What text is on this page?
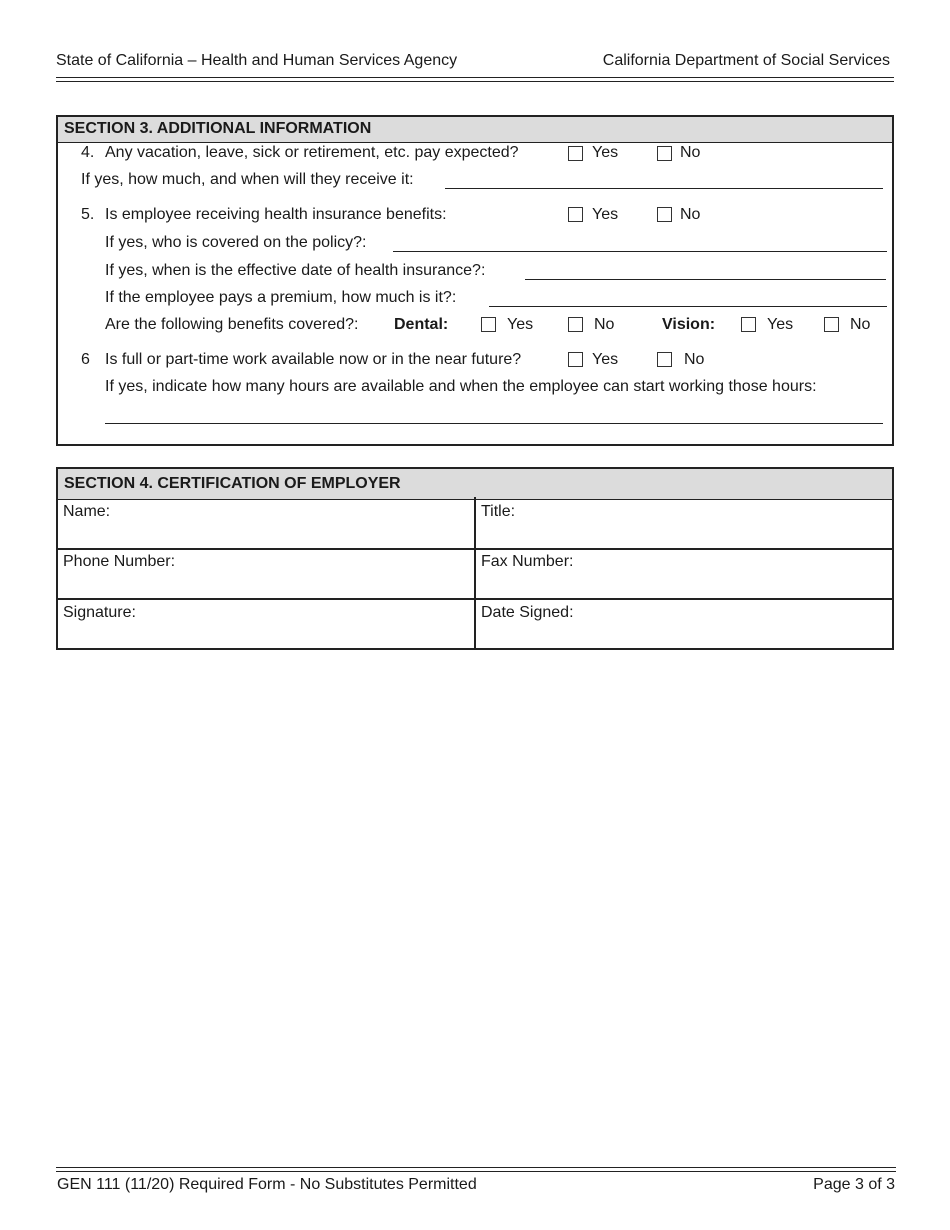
State of California – Health and Human Services Agency	California Department of Social Services
SECTION 3. ADDITIONAL INFORMATION
4. Any vacation, leave, sick or retirement, etc. pay expected?	Yes	No
If yes, how much, and when will they receive it:
5. Is employee receiving health insurance benefits:	Yes	No
If yes, who is covered on the policy?:
If yes, when is the effective date of health insurance?:
If the employee pays a premium, how much is it?:
Are the following benefits covered?: Dental:	Yes	No	Vision:	Yes	No
6 Is full or part-time work available now or in the near future?	Yes	No
If yes, indicate how many hours are available and when the employee can start working those hours:
SECTION 4. CERTIFICATION OF EMPLOYER
Name:	Title:
Phone Number:	Fax Number:
Signature:	Date Signed:
GEN 111 (11/20) Required Form - No Substitutes Permitted	Page 3 of 3
